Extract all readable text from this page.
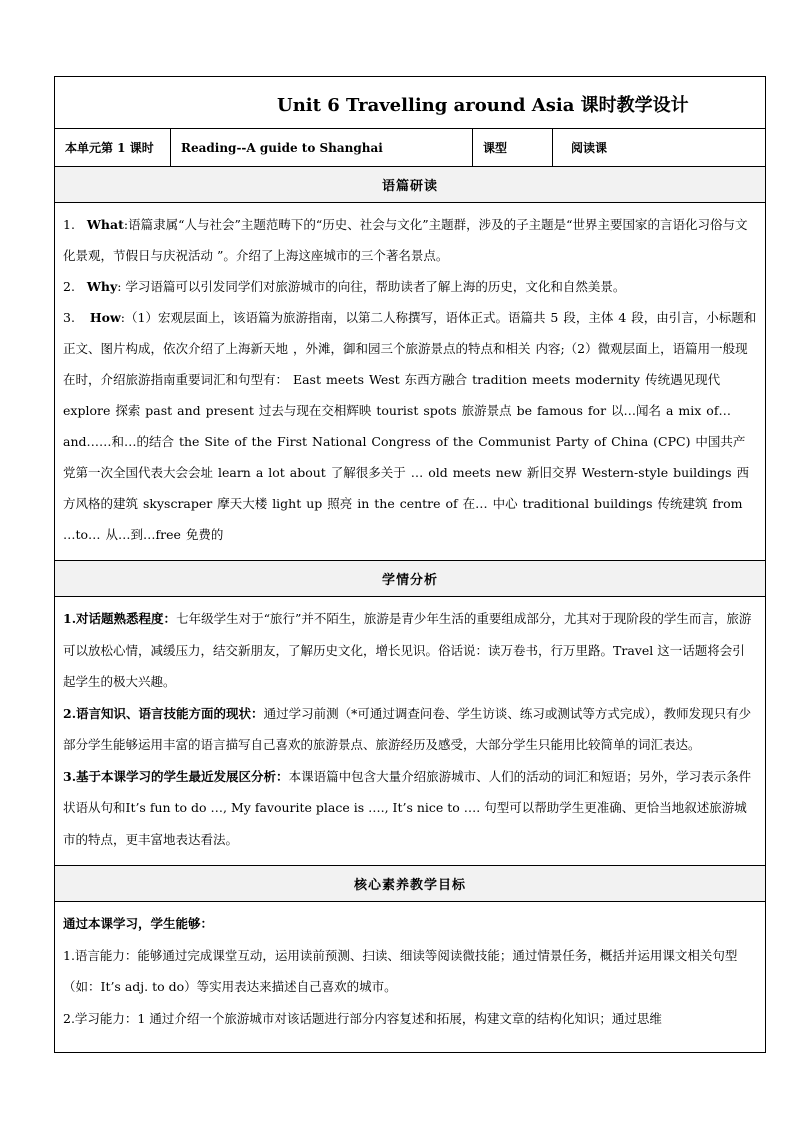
Unit 6 Travelling around Asia 课时教学设计
本单元第 1 课时	Reading--A guide to Shanghai	课型	阅读课
语篇研读

1.   What:语篇隶属“人与社会”主题范畴下的“历史、社会与文化”主题群，涉及的子主题是“世界主要国家的言语化习俗与文化景观，节假日与庆祝活动 ”。介绍了上海这座城市的三个著名景点。

2.   Why: 学习语篇可以引发同学们对旅游城市的向往，帮助读者了解上海的历史，文化和自然美景。

3.   How:（1）宏观层面上，该语篇为旅游指南，以第二人称撰写，语体正式。语篇共 5 段，主体 4 段，由引言，小标题和正文、图片构成，依次介绍了上海新天地 ，外滩，御和园三个旅游景点的特点和相关 内容;（2）微观层面上，语篇用一般现在时，介绍旅游指南重要词汇和句型有： East meets West 东西方融合 tradition meets modernity 传统遇见现代 explore 探索 past and present 过去与现在交相辉映 tourist spots 旅游景点 be famous for 以…闻名 a mix of…and……和…的结合 the Site of the First National Congress of the Communist Party of China (CPC) 中国共产党第一次全国代表大会会址 learn a lot about 了解很多关于 … old meets new 新旧交界 Western-style buildings 西方风格的建筑 skyscraper 摩天大楼 light up 照亮 in the centre of 在… 中心 traditional buildings 传统建筑 from …to… 从…到…free 免费的

学情分析

1.对话题熟悉程度：七年级学生对于“旅行”并不陌生，旅游是青少年生活的重要组成部分，尤其对于现阶段的学生而言，旅游可以放松心情，减缓压力，结交新朋友，了解历史文化，增长见识。俗话说：读万卷书，行万里路。Travel 这一话题将会引起学生的极大兴趣。

2.语言知识、语言技能方面的现状：通过学习前测（*可通过调查问卷、学生访谈、练习或测试等方式完成），教师发现只有少部分学生能够运用丰富的语言描写自己喜欢的旅游景点、旅游经历及感受，大部分学生只能用比较简单的词汇表达。

3.基于本课学习的学生最近发展区分析：本课语篇中包含大量介绍旅游城市、人们的活动的词汇和短语；另外，学习表示条件状语从句和It’s fun to do …, My favourite place is …., It’s nice to …. 句型可以帮助学生更准确、更恰当地叙述旅游城市的特点，更丰富地表达看法。

核心素养教学目标

通过本课学习，学生能够：

1.语言能力：能够通过完成课堂互动，运用读前预测、扫读、细读等阅读微技能；通过情景任务，概括并运用课文相关句型（如：It’s adj. to do）等实用表达来描述自己喜欢的城市。

2.学习能力：1 通过介绍一个旅游城市对该话题进行部分内容复述和拓展，构建文章的结构化知识；通过思维
